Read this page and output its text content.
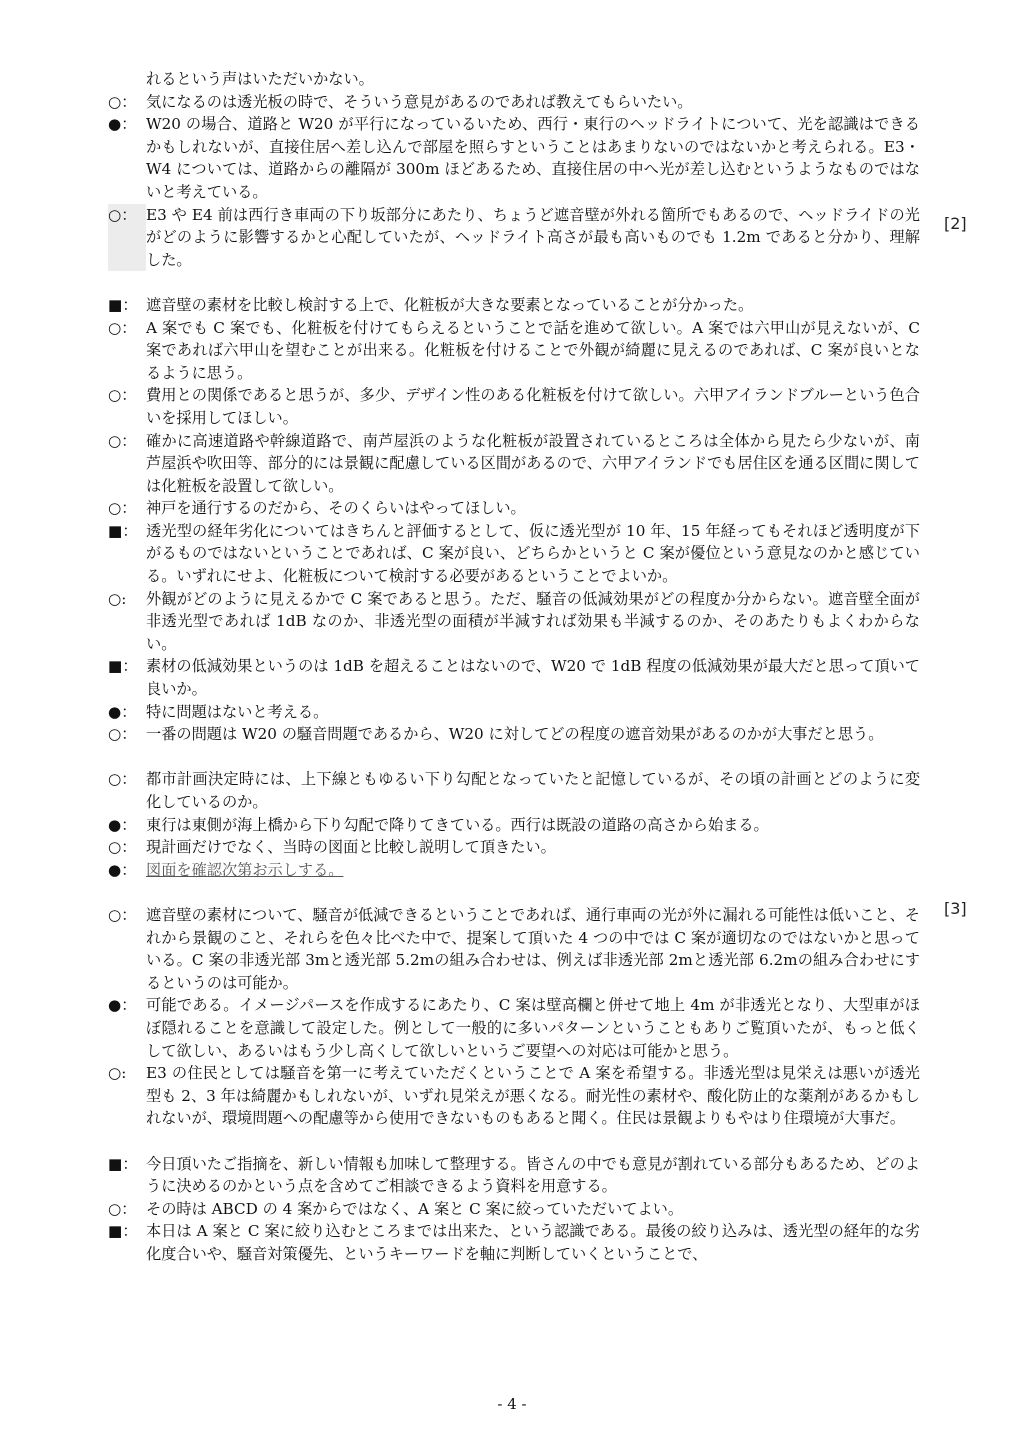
れるという声はいただいかない。
○： 気になるのは透光板の時で、そういう意見があるのであれば教えてもらいたい。
●： W20 の場合、道路と W20 が平行になっているいため、西行・東行のヘッドライトについて、光を認識はできるかもしれないが、直接住居へ差し込んで部屋を照らすということはあまりないのではないかと考えられる。E3・W4 については、道路からの離隔が 300m ほどあるため、直接住居の中へ光が差し込むというようなものではないと考えている。
○： E3 や E4 前は西行き車両の下り坂部分にあたり、ちょうど遮音壁が外れる箇所でもあるので、ヘッドライドの光がどのように影響するかと心配していたが、ヘッドライト高さが最も高いものでも 1.2m であると分かり、理解した。
■： 遮音壁の素材を比較し検討する上で、化粧板が大きな要素となっていることが分かった。
○： A 案でも C 案でも、化粧板を付けてもらえるということで話を進めて欲しい。A 案では六甲山が見えないが、C 案であれば六甲山を望むことが出来る。化粧板を付けることで外観が綺麗に見えるのであれば、C 案が良いとなるように思う。
○： 費用との関係であると思うが、多少、デザイン性のある化粧板を付けて欲しい。六甲アイランドブルーという色合いを採用してほしい。
○： 確かに高速道路や幹線道路で、南芦屋浜のような化粧板が設置されているところは全体から見たら少ないが、南芦屋浜や吹田等、部分的には景観に配慮している区間があるので、六甲アイランドでも居住区を通る区間に関しては化粧板を設置して欲しい。
○： 神戸を通行するのだから、そのくらいはやってほしい。
■： 透光型の経年劣化についてはきちんと評価するとして、仮に透光型が 10 年、15 年経ってもそれほど透明度が下がるものではないということであれば、C 案が良い、どちらかというと C 案が優位という意見なのかと感じている。いずれにせよ、化粧板について検討する必要があるということでよいか。
○:	外観がどのように見えるかで C 案であると思う。ただ、騒音の低減効果がどの程度か分からない。遮音壁全面が非透光型であれば 1dB なのか、非透光型の面積が半減すれば効果も半減するのか、そのあたりもよくわからない。
■： 素材の低減効果というのは 1dB を超えることはないので、W20 で 1dB 程度の低減効果が最大だと思って頂いて良いか。
●： 特に問題はないと考える。
○： 一番の問題は W20 の騒音問題であるから、W20 に対してどの程度の遮音効果があるのかが大事だと思う。
○： 都市計画決定時には、上下線ともゆるい下り勾配となっていたと記憶しているが、その頃の計画とどのように変化しているのか。
●： 東行は東側が海上橋から下り勾配で降りてきている。西行は既設の道路の高さから始まる。
○： 現計画だけでなく、当時の図面と比較し説明して頂きたい。
●： 図面を確認次第お示しする。
○： 遮音壁の素材について、騒音が低減できるということであれば、通行車両の光が外に漏れる可能性は低いこと、それから景観のこと、それらを色々比べた中で、提案して頂いた 4 つの中では C 案が適切なのではないかと思っている。C 案の非透光部 3mと透光部 5.2mの組み合わせは、例えば非透光部 2mと透光部 6.2mの組み合わせにするというのは可能か。
●： 可能である。イメージパースを作成するにあたり、C 案は壁高欄と併せて地上 4m が非透光となり、大型車がほぼ隠れることを意識して設定した。例として一般的に多いパターンということもありご覧頂いたが、もっと低くして欲しい、あるいはもう少し高くして欲しいというご要望への対応は可能かと思う。
○:	E3 の住民としては騒音を第一に考えていただくということで A 案を希望する。非透光型は見栄えは悪いが透光型も 2、3 年は綺麗かもしれないが、いずれ見栄えが悪くなる。耐光性の素材や、酸化防止的な薬剤があるかもしれないが、環境問題への配慮等から使用できないものもあると聞く。住民は景観よりもやはり住環境が大事だ。
■： 今日頂いたご指摘を、新しい情報も加味して整理する。皆さんの中でも意見が割れている部分もあるため、どのように決めるのかという点を含めてご相談できるよう資料を用意する。
○： その時は ABCD の 4 案からではなく、A 案と C 案に絞っていただいてよい。
■： 本日は A 案と C 案に絞り込むところまでは出来た、という認識である。最後の絞り込みは、透光型の経年的な劣化度合いや、騒音対策優先、というキーワードを軸に判断していくということで、
[2]
[3]
- 4 -
